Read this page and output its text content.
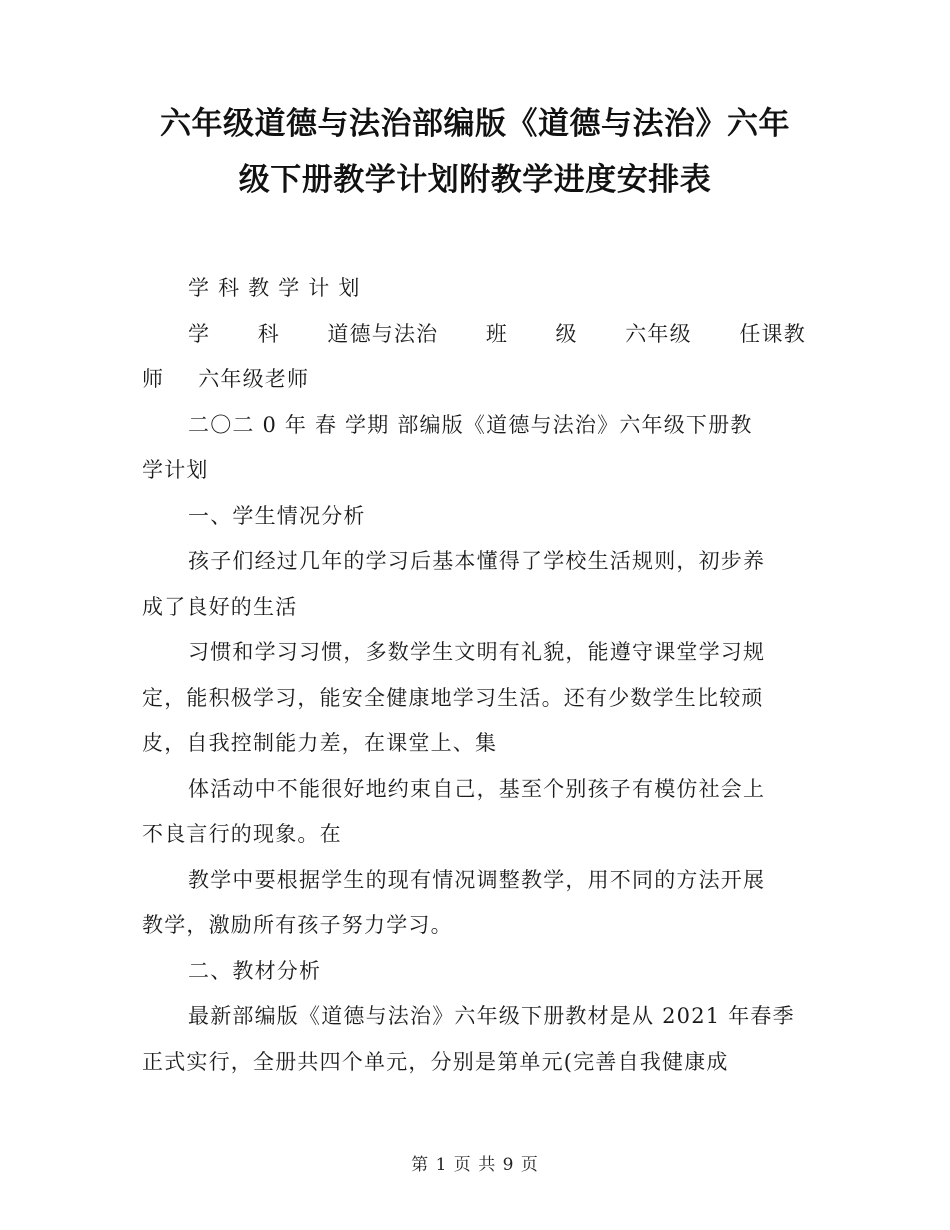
六年级道德与法治部编版《道德与法治》六年
级下册教学计划附教学进度安排表
学 科 教 学 计 划
学 科 道德与法治 班 级 六年级 任课教
师 六年级老师
二〇二 0 年 春 学期 部编版《道德与法治》六年级下册教
学计划
一、学生情况分析
孩子们经过几年的学习后基本懂得了学校生活规则，初步养
成了良好的生活
习惯和学习习惯，多数学生文明有礼貌，能遵守课堂学习规
定，能积极学习，能安全健康地学习生活。还有少数学生比较顽
皮，自我控制能力差，在课堂上、集
体活动中不能很好地约束自己，基至个别孩子有模仿社会上
不良言行的现象。在
教学中要根据学生的现有情况调整教学，用不同的方法开展
教学，激励所有孩子努力学习。
二、教材分析
最新部编版《道德与法治》六年级下册教材是从 2021 年春季
正式实行，全册共四个单元，分别是第单元(完善自我健康成
第 1 页 共 9 页
